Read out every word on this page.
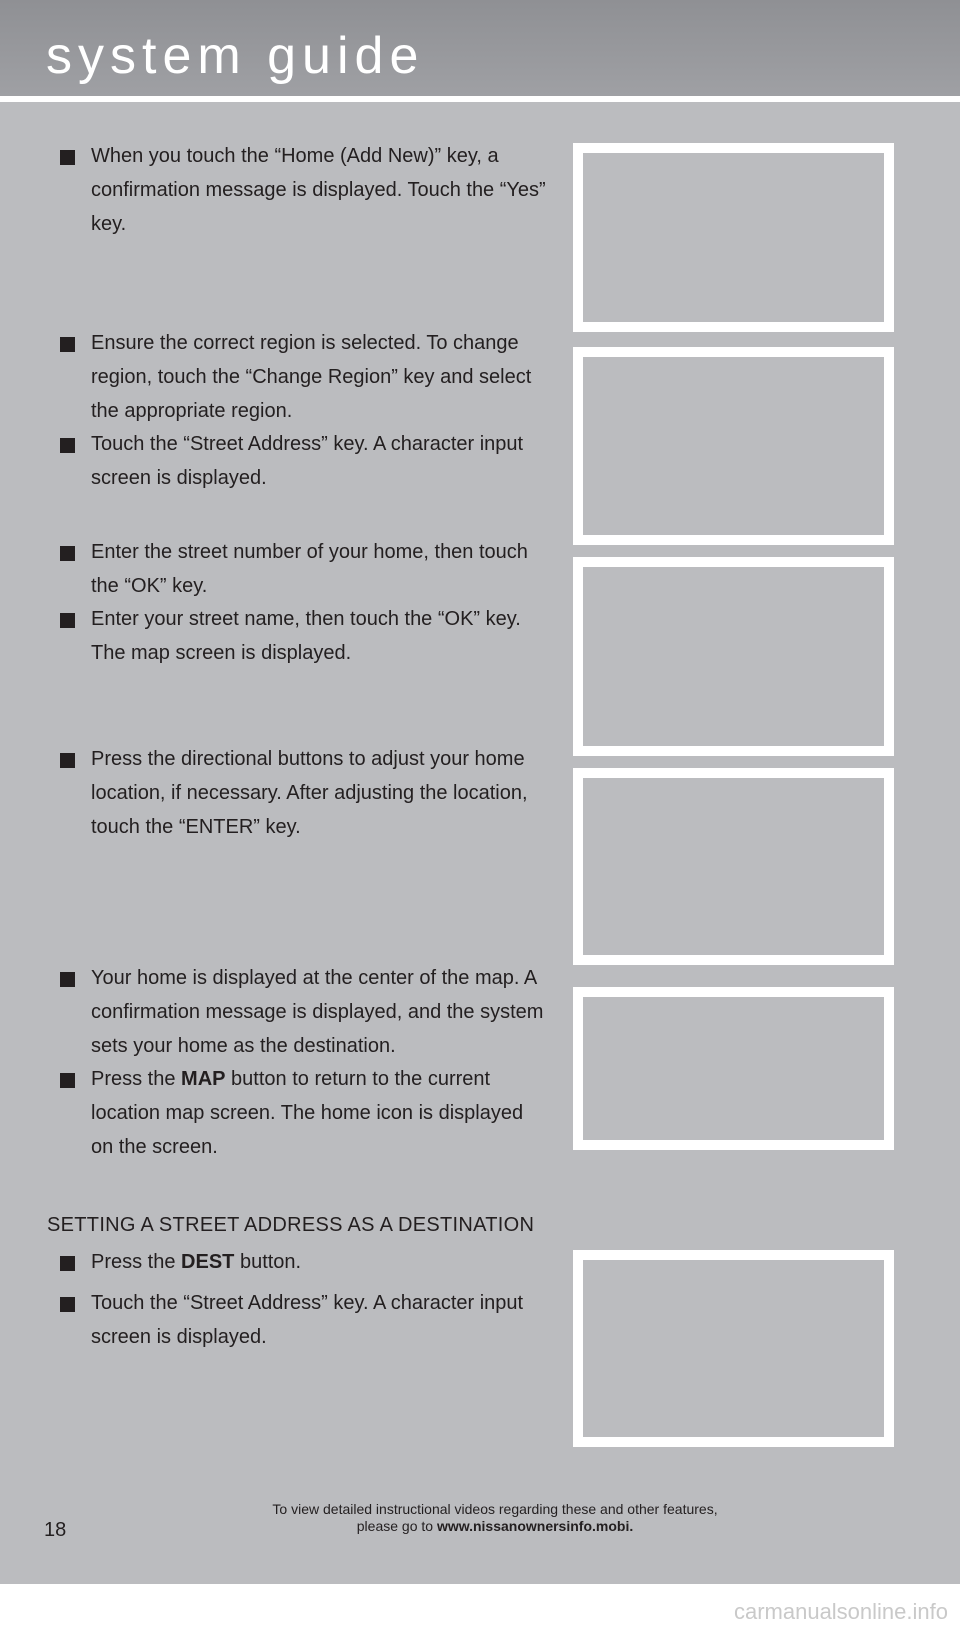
system guide
When you touch the “Home (Add New)” key, a confirmation message is displayed. Touch the “Yes” key.
Ensure the correct region is selected. To change region, touch the “Change Region” key and select the appropriate region.
Touch the “Street Address” key. A character input screen is displayed.
Enter the street number of your home, then touch the “OK” key.
Enter your street name, then touch the “OK” key. The map screen is displayed.
Press the directional buttons to adjust your home location, if necessary. After adjusting the location, touch the “ENTER” key.
Your home is displayed at the center of the map. A confirmation message is displayed, and the system sets your home as the destination.
Press the MAP button to return to the current location map screen. The home icon is displayed on the screen.
SETTING A STREET ADDRESS AS A DESTINATION
Press the DEST button.
Touch the “Street Address” key. A character input screen is displayed.
To view detailed instructional videos regarding these and other features,
please go to www.nissanownersinfo.mobi.
18
carmanualsonline.info
